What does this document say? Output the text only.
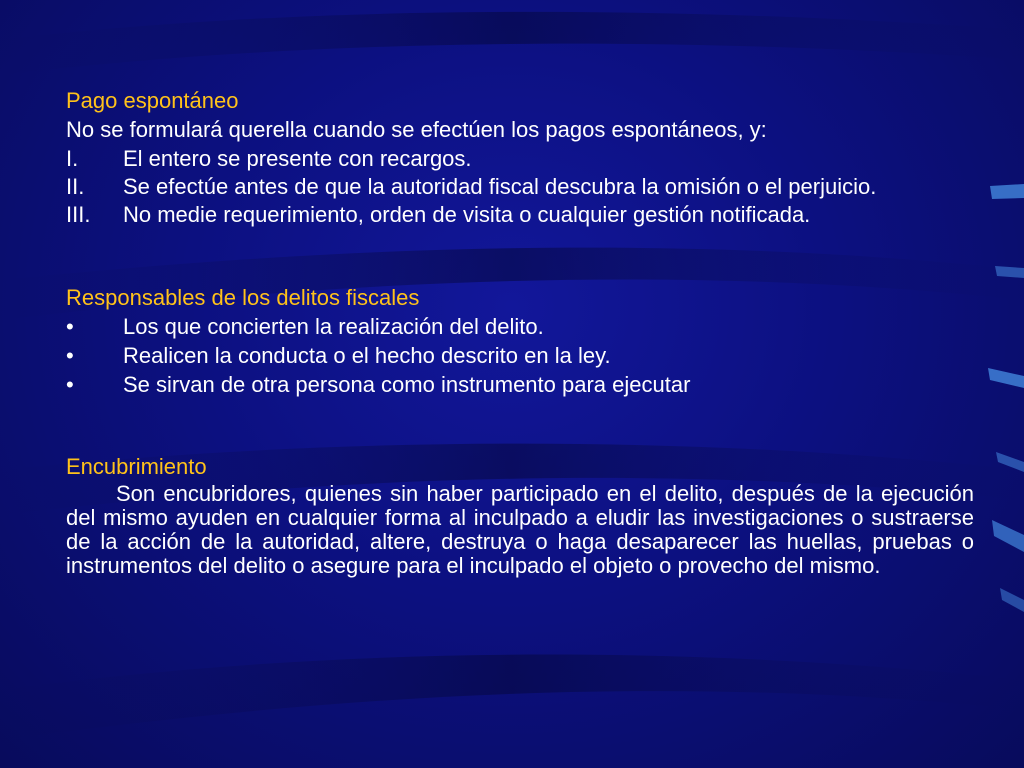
Pago espontáneo

No se formulará querella cuando se efectúen los pagos espontáneos, y:

I.	El entero se presente con recargos.
II. Se efectúe antes de que la autoridad fiscal descubra la omisión o el perjuicio.
III.	No medie requerimiento, orden de visita o cualquier gestión notificada.

Responsables de los delitos fiscales

•	Los que concierten la realización del delito.
•	Realicen la conducta o el hecho descrito en la ley.
•	Se sirvan de otra persona como instrumento para ejecutar

Encubrimiento

Son encubridores, quienes sin haber participado en el delito, después de la ejecución del mismo ayuden en cualquier forma al inculpado a eludir las investigaciones o sustraerse de la acción de la autoridad, altere, destruya o haga desaparecer las huellas, pruebas o instrumentos del delito o asegure para el inculpado el objeto o provecho del mismo.
